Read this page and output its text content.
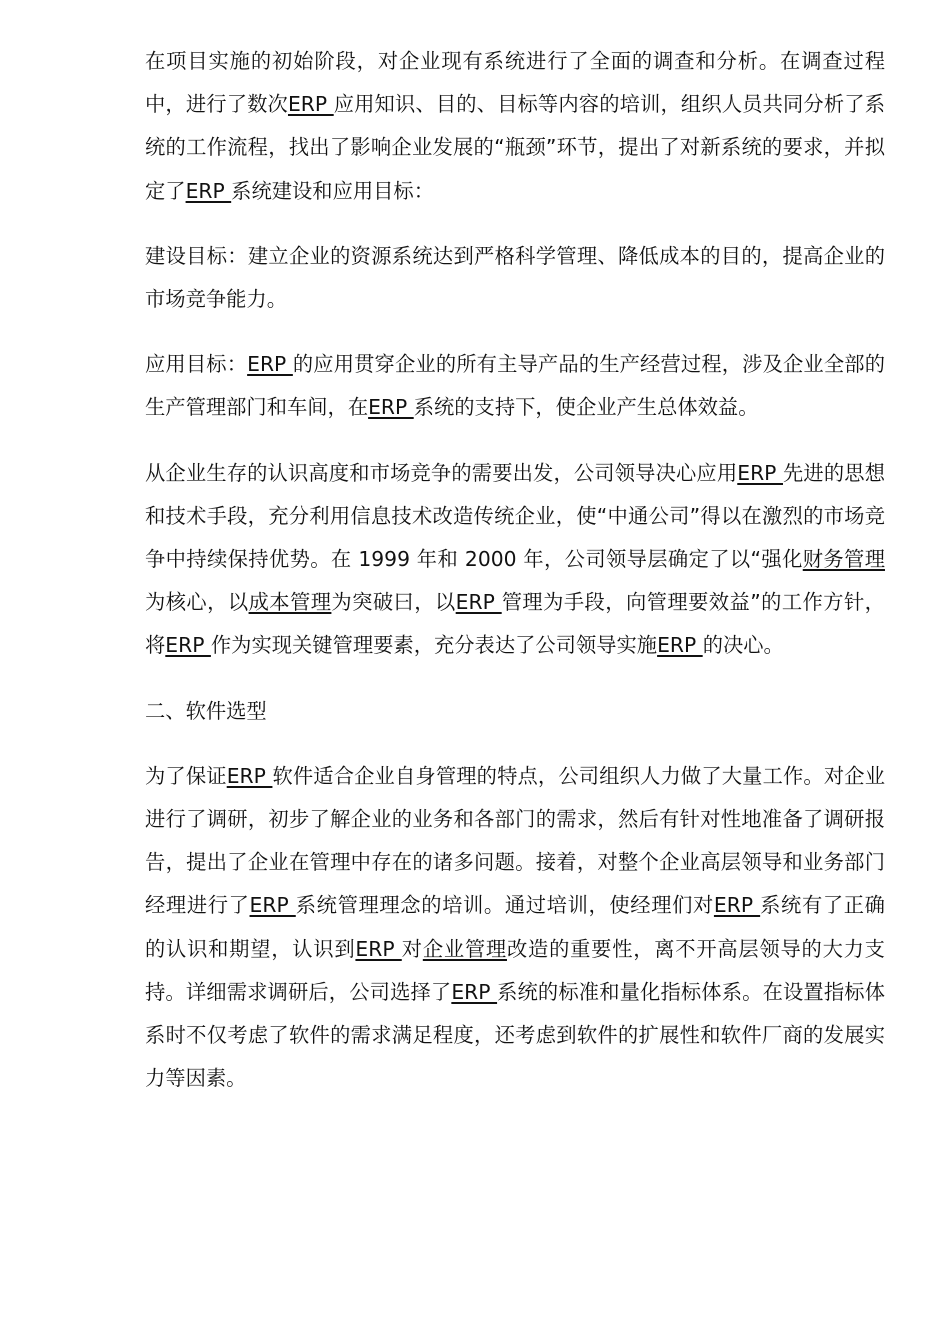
在项目实施的初始阶段，对企业现有系统进行了全面的调查和分析。在调查过程中，进行了数次ERP 应用知识、目的、目标等内容的培训，组织人员共同分析了系统的工作流程，找出了影响企业发展的“瓶颈”环节，提出了对新系统的要求，并拟定了ERP 系统建设和应用目标：

建设目标：建立企业的资源系统达到严格科学管理、降低成本的目的，提高企业的市场竞争能力。

应用目标：ERP 的应用贯穿企业的所有主导产品的生产经营过程，涉及企业全部的生产管理部门和车间，在ERP 系统的支持下，使企业产生总体效益。

从企业生存的认识高度和市场竞争的需要出发，公司领导决心应用ERP 先进的思想和技术手段，充分利用信息技术改造传统企业，使“中通公司”得以在激烈的市场竞争中持续保持优势。在 1999 年和 2000 年，公司领导层确定了以“强化财务管理为核心，以成本管理为突破曰，以ERP 管理为手段，向管理要效益”的工作方针，将ERP 作为实现关键管理要素，充分表达了公司领导实施ERP 的决心。

二、软件选型

为了保证ERP 软件适合企业自身管理的特点，公司组织人力做了大量工作。对企业进行了调研，初步了解企业的业务和各部门的需求，然后有针对性地准备了调研报告，提出了企业在管理中存在的诸多问题。接着，对整个企业高层领导和业务部门经理进行了ERP 系统管理理念的培训。通过培训，使经理们对ERP 系统有了正确的认识和期望，认识到ERP 对企业管理改造的重要性，离不开高层领导的大力支持。详细需求调研后，公司选择了ERP 系统的标准和量化指标体系。在设置指标体系时不仅考虑了软件的需求满足程度，还考虑到软件的扩展性和软件厂商的发展实力等因素。
